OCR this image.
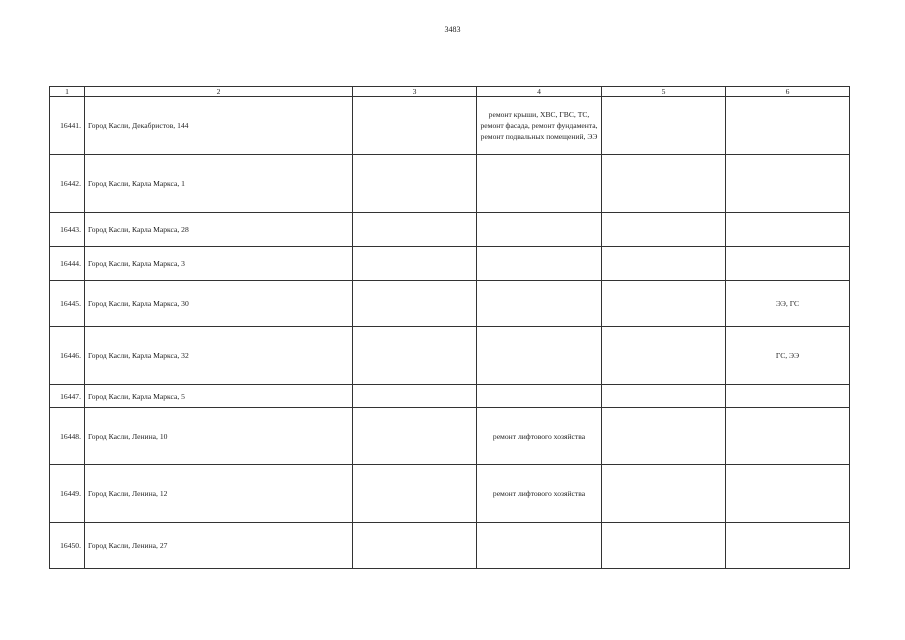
3483
1	2	3	4	5	6
16441.	Город Касли, Декабристов, 144		ремонт крыши, ХВС, ГВС, ТС, ремонт фасада, ремонт фундамента, ремонт подвальных помещений, ЭЭ		
16442.	Город Касли, Карла Маркса, 1				
16443.	Город Касли, Карла Маркса, 28				
16444.	Город Касли, Карла Маркса, 3				
16445.	Город Касли, Карла Маркса, 30				ЭЭ, ГС
16446.	Город Касли, Карла Маркса, 32				ГС, ЭЭ
16447.	Город Касли, Карла Маркса, 5				
16448.	Город Касли, Ленина, 10		ремонт лифтового хозяйства		
16449.	Город Касли, Ленина, 12		ремонт лифтового хозяйства		
16450.	Город Касли, Ленина, 27				
